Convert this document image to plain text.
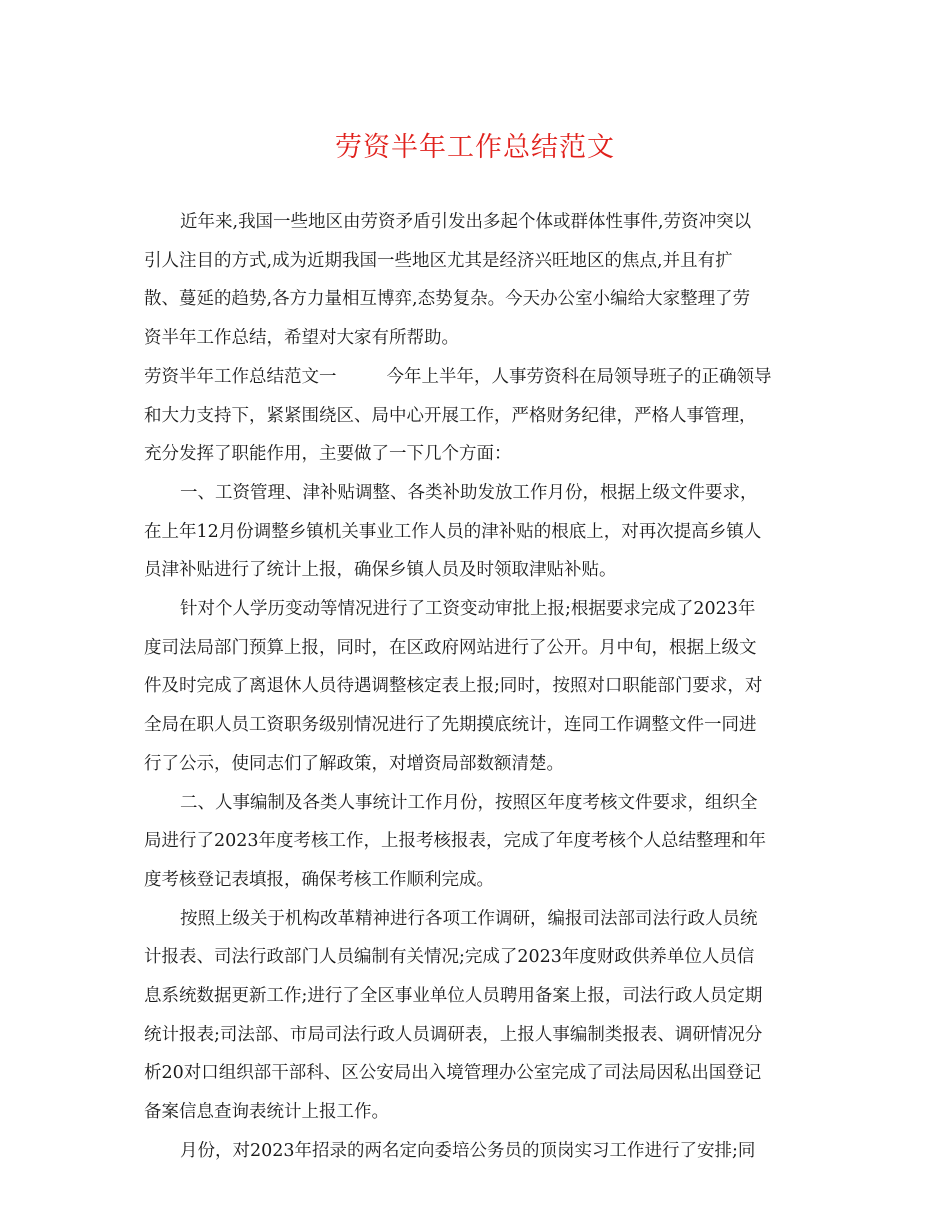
劳资半年工作总结范文
近年来,我国一些地区由劳资矛盾引发出多起个体或群体性事件,劳资冲突以
引人注目的方式,成为近期我国一些地区尤其是经济兴旺地区的焦点,并且有扩
散、蔓延的趋势,各方力量相互博弈,态势复杂。今天办公室小编给大家整理了劳
资半年工作总结，希望对大家有所帮助。
劳资半年工作总结范文一	今年上半年，人事劳资科在局领导班子的正确领导
和大力支持下，紧紧围绕区、局中心开展工作，严格财务纪律，严格人事管理，
充分发挥了职能作用，主要做了一下几个方面：
一、工资管理、津补贴调整、各类补助发放工作月份，根据上级文件要求，
在上年12月份调整乡镇机关事业工作人员的津补贴的根底上，对再次提高乡镇人
员津补贴进行了统计上报，确保乡镇人员及时领取津贴补贴。
针对个人学历变动等情况进行了工资变动审批上报;根据要求完成了2023年
度司法局部门预算上报，同时，在区政府网站进行了公开。月中旬，根据上级文
件及时完成了离退休人员待遇调整核定表上报;同时，按照对口职能部门要求，对
全局在职人员工资职务级别情况进行了先期摸底统计，连同工作调整文件一同进
行了公示，使同志们了解政策，对增资局部数额清楚。
二、人事编制及各类人事统计工作月份，按照区年度考核文件要求，组织全
局进行了2023年度考核工作，上报考核报表，完成了年度考核个人总结整理和年
度考核登记表填报，确保考核工作顺利完成。
按照上级关于机构改革精神进行各项工作调研，编报司法部司法行政人员统
计报表、司法行政部门人员编制有关情况;完成了2023年度财政供养单位人员信
息系统数据更新工作;进行了全区事业单位人员聘用备案上报，司法行政人员定期
统计报表;司法部、市局司法行政人员调研表，上报人事编制类报表、调研情况分
析20对口组织部干部科、区公安局出入境管理办公室完成了司法局因私出国登记
备案信息查询表统计上报工作。
月份，对2023年招录的两名定向委培公务员的顶岗实习工作进行了安排;同
